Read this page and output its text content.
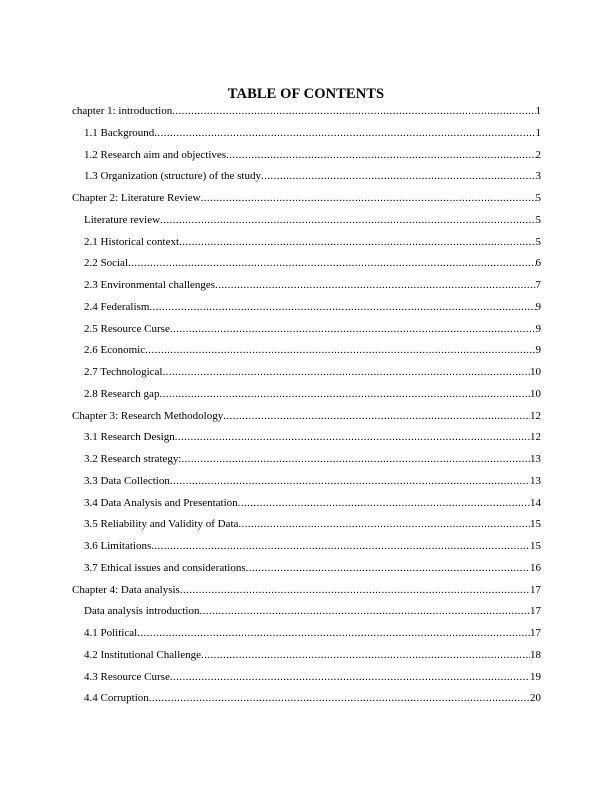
TABLE OF CONTENTS
chapter 1: introduction .....	1
1.1 Background .....	1
1.2 Research aim and objectives .....	2
1.3 Organization (structure) of the study .....	3
Chapter 2: Literature Review .....	5
Literature review .....	5
2.1 Historical context .....	5
2.2 Social .....	6
2.3 Environmental challenges .....	7
2.4 Federalism .....	9
2.5 Resource Curse .....	9
2.6 Economic .....	9
2.7 Technological .....	10
2.8 Research gap .....	10
Chapter 3: Research Methodology .....	12
3.1 Research Design .....	12
3.2 Research strategy: .....	13
3.3 Data Collection .....	13
3.4 Data Analysis and Presentation .....	14
3.5 Reliability and Validity of Data .....	15
3.6 Limitations .....	15
3.7 Ethical issues and considerations .....	16
Chapter 4: Data analysis .....	17
Data analysis introduction .....	17
4.1 Political .....	17
4.2 Institutional Challenge .....	18
4.3 Resource Curse .....	19
4.4 Corruption .....	20
